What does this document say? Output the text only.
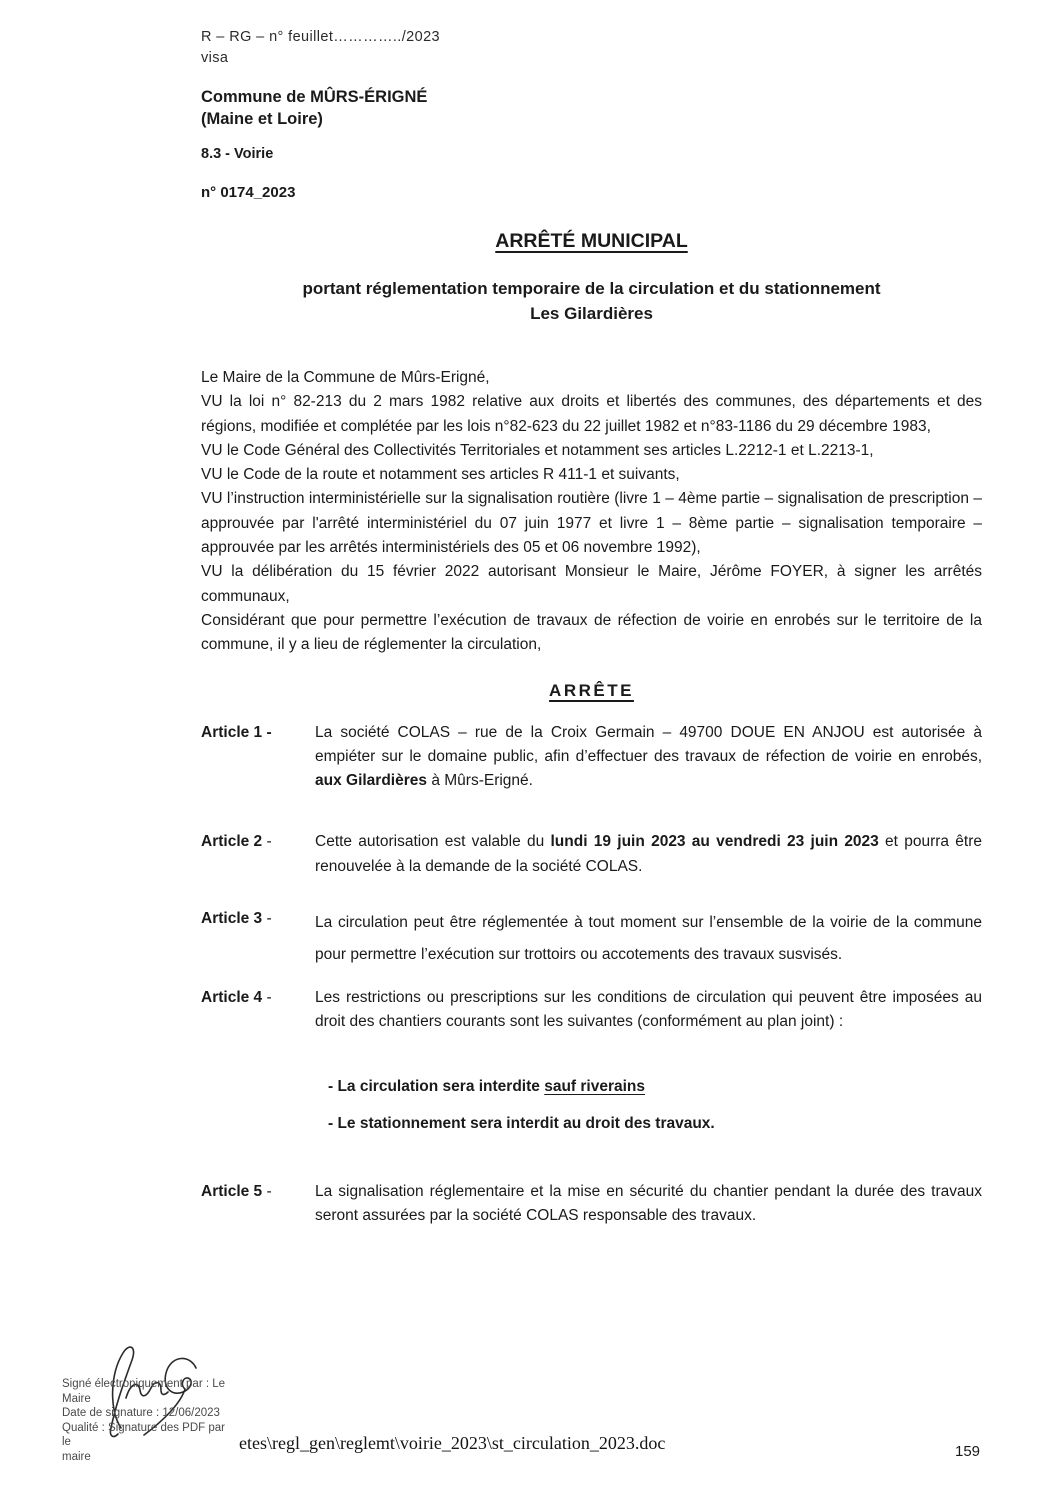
R – RG – n° feuillet…………../2023
visa
Commune de MÛRS-ÉRIGNÉ
(Maine et Loire)
8.3 - Voirie
n° 0174_2023
ARRÊTÉ MUNICIPAL
portant réglementation temporaire de la circulation et du stationnement
Les Gilardières

Le Maire de la Commune de Mûrs-Erigné,

VU la loi n° 82-213 du 2 mars 1982 relative aux droits et libertés des communes, des départements et des régions, modifiée et complétée par les lois n°82-623 du 22 juillet 1982 et n°83-1186 du 29 décembre 1983,

VU le Code Général des Collectivités Territoriales et notamment ses articles L.2212-1 et L.2213-1,

VU le Code de la route et notamment ses articles R 411-1 et suivants,

VU l’instruction interministérielle sur la signalisation routière (livre 1 – 4ème partie – signalisation de prescription – approuvée par l'arrêté interministériel du 07 juin 1977 et livre 1 – 8ème partie – signalisation temporaire – approuvée par les arrêtés interministériels des 05 et 06 novembre 1992),

VU la délibération du 15 février 2022 autorisant Monsieur le Maire, Jérôme FOYER, à signer les arrêtés communaux,

Considérant que pour permettre l’exécution de travaux de réfection de voirie en enrobés sur le territoire de la commune, il y a lieu de réglementer la circulation,

ARRÊTE
Article 1 -	La société COLAS – rue de la Croix Germain – 49700 DOUE EN ANJOU est autorisée à empiéter sur le domaine public, afin d’effectuer des travaux de réfection de voirie en enrobés, aux Gilardières à Mûrs-Erigné.
Article 2 -	Cette autorisation est valable du lundi 19 juin 2023 au vendredi 23 juin 2023 et pourra être renouvelée à la demande de la société COLAS.
Article 3 -	La circulation peut être réglementée à tout moment sur l’ensemble de la voirie de la commune pour permettre l’exécution sur trottoirs ou accotements des travaux susvisés.
Article 4 -	Les restrictions ou prescriptions sur les conditions de circulation qui peuvent être imposées au droit des chantiers courants sont les suivantes (conformément au plan joint) :

- La circulation sera interdite sauf riverains

- Le stationnement sera interdit au droit des travaux.

Article 5 -	La signalisation réglementaire et la mise en sécurité du chantier pendant la durée des travaux seront assurées par la société COLAS responsable des travaux.
Signé électroniquement par : Le
Maire
Date de signature : 12/06/2023
Qualité : Signature des PDF par le
maire
etes\regl_gen\reglemt\voirie_2023\st_circulation_2023.doc	159
